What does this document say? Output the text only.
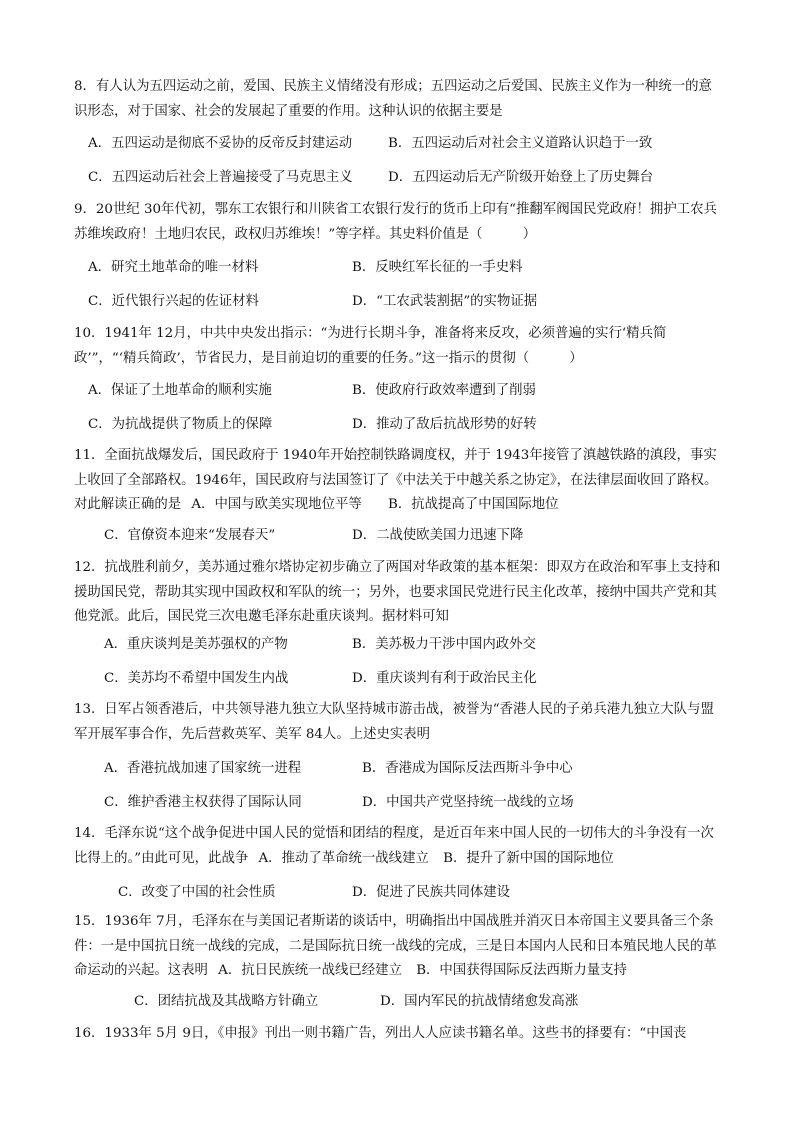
8．有人认为五四运动之前，爱国、民族主义情绪没有形成；五四运动之后爱国、民族主义作为一种统一的意识形态，对于国家、社会的发展起了重要的作用。这种认识的依据主要是
A．五四运动是彻底不妥协的反帝反封建运动	B．五四运动后对社会主义道路认识趋于一致
C．五四运动后社会上普遍接受了马克思主义	D．五四运动后无产阶级开始登上了历史舞台
9．20世纪 30年代初，鄂东工农银行和川陕省工农银行发行的货币上印有“推翻军阀国民党政府！拥护工农兵苏维埃政府！土地归农民，政权归苏维埃！”等字样。其史料价值是（　　　）
A．研究土地革命的唯一材料	B．反映红军长征的一手史料
C．近代银行兴起的佐证材料	D．“工农武装割据”的实物证据
10．1941年 12月，中共中央发出指示：“为进行长期斗争，准备将来反攻，必须普遍的实行‘精兵简政’”，“‘精兵简政’，节省民力，是目前迫切的重要的任务。”这一指示的贯彻（　　　）
A．保证了土地革命的顺利实施	B．使政府行政效率遭到了削弱
C．为抗战提供了物质上的保障	D．推动了敌后抗战形势的好转
11．全面抗战爆发后，国民政府于 1940年开始控制铁路调度权，并于 1943年接管了滇越铁路的滇段，事实上收回了全部路权。1946年，国民政府与法国签订了《中法关于中越关系之协定》，在法律层面收回了路权。对此解读正确的是 A．中国与欧美实现地位平等 B．抗战提高了中国国际地位
C．官僚资本迎来“发展春天”	D．二战使欧美国力迅速下降
12．抗战胜利前夕，美苏通过雅尔塔协定初步确立了两国对华政策的基本框架：即双方在政治和军事上支持和援助国民党，帮助其实现中国政权和军队的统一；另外，也要求国民党进行民主化改革，接纳中国共产党和其他党派。此后，国民党三次电邀毛泽东赴重庆谈判。据材料可知
A．重庆谈判是美苏强权的产物	B．美苏极力干涉中国内政外交
C．美苏均不希望中国发生内战	D．重庆谈判有利于政治民主化
13．日军占领香港后，中共领导港九独立大队坚持城市游击战，被誉为“香港人民的子弟兵港九独立大队与盟军开展军事合作，先后营救英军、美军 84人。上述史实表明
A．香港抗战加速了国家统一进程	B．香港成为国际反法西斯斗争中心
C．维护香港主权获得了国际认同	D．中国共产党坚持统一战线的立场
14．毛泽东说“这个战争促进中国人民的觉悟和团结的程度，是近百年来中国人民的一切伟大的斗争没有一次比得上的。”由此可见，此战争 A．推动了革命统一战线建立 B．提升了新中国的国际地位
C．改变了中国的社会性质	D．促进了民族共同体建设
15．1936年 7月，毛泽东在与美国记者斯诺的谈话中，明确指出中国战胜并消灭日本帝国主义要具备三个条件：一是中国抗日统一战线的完成，二是国际抗日统一战线的完成，三是日本国内人民和日本殖民地人民的革命运动的兴起。这表明 A．抗日民族统一战线已经建立 B．中国获得国际反法西斯力量支持
C．团结抗战及其战略方针确立	D．国内军民的抗战情绪愈发高涨
16．1933年 5月 9日，《申报》刊出一则书籍广告，列出人人应读书籍名单。这些书的择要有：“中国丧
